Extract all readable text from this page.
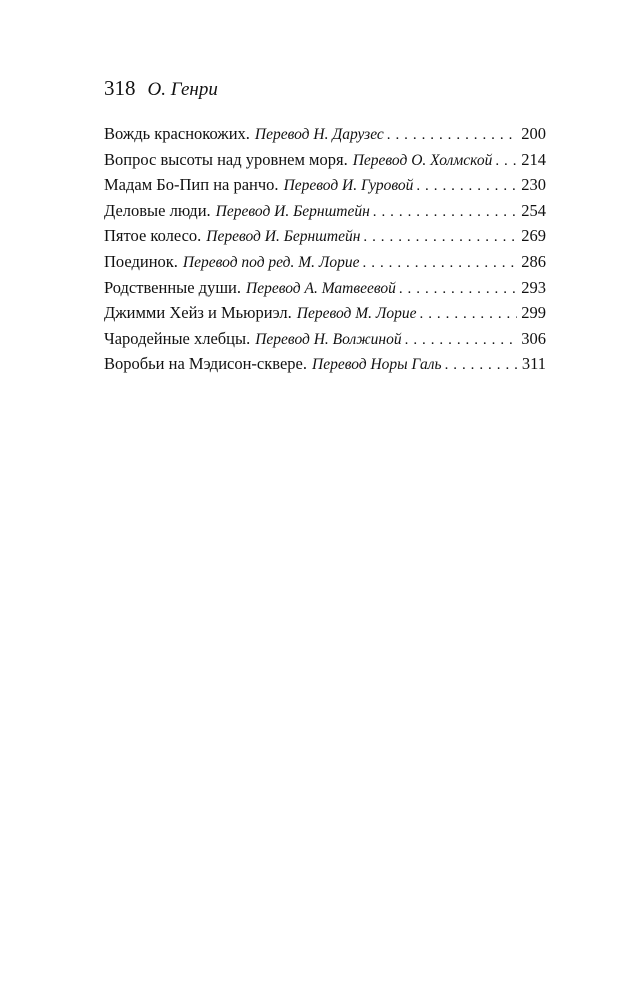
318 О. Генри
Вождь краснокожих. Перевод Н. Дарузес . . .	200
Вопрос высоты над уровнем моря. Перевод О. Холмской . . . 214
Мадам Бо-Пип на ранчо. Перевод И. Гуровой . . .	230
Деловые люди. Перевод И. Бернштейн . . .	254
Пятое колесо. Перевод И. Бернштейн . . .	269
Поединок. Перевод под ред. М. Лорие . . .	286
Родственные души. Перевод А. Матвеевой . . .	293
Джимми Хейз и Мьюриэл. Перевод М. Лорие . . .	299
Чародейные хлебцы. Перевод Н. Волжиной . . .	306
Воробьи на Мэдисон-сквере. Перевод Норы Галь . . .	311
